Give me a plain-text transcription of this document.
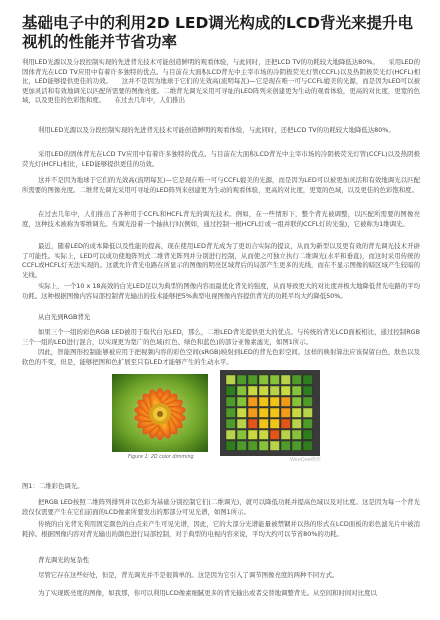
基础电子中的利用2D LED调光构成的LCD背光来提升电视机的性能并节省功率

利用LED光源以及分段控制实现的先进背光技术可能创造鲜明的观看体验，与此同时，还把LCD TV的功耗较大地降低达80%。　　采用LED的固体背光在LCD TV应用中有着许多独特的优点。与目前在大面积LCD背光中主宰市场的冷阴极荧光灯管(CCFL)以及热阴极荧光灯(HCFL)相比，LED能够提供更佳的功效。　　这并不是因为地球于它们的光效高(流明每瓦)—它是现在唯一可与CCFL媲美的光源，而是因为LED可以被更加灵活和有效地调光以匹配所需要的图像亮度。二维背光调光采用可寻址的LED阵列来创建更为生动的观看体验，更高的对比度，更宽的色域，以及更佳的色彩饱和度。　　在过去几年中，人们推出

利用LED光源以及分段控制实现的先进背光技术可能创造鲜明的观看体验，与此同时，还把LCD TV的功耗较大地降低达80%。

采用LED的固体背光在LCD TV应用中有着许多独特的优点。与目前在大面积LCD背光中主宰市场的冷阴极荧光灯管(CCFL)以及热阴极荧光灯(HCFL)相比，LED能够提供更佳的功效。

这并不是因为地球于它们的光效高(流明每瓦)—它是现在唯一可与CCFL媲美的光源，而是因为LED可以被更加灵活和有效地调光以匹配所需要的图像亮度。二维背光调光采用可寻址的LED阵列来创建更为生动的观看体验，更高的对比度，更宽的色域，以及更佳的色彩饱和度。

在过去几年中，人们推出了各种用于CCFL和HCFL背光的调光技术。例如，在一些情形下，整个背光被调整，以匹配所需要的图像亮度，这种技术被称为零维调光。当调光沿着一个轴执行时(例如，通过控制一根HCFL灯或一组并联的CCFL灯的光强)，它被称为1维调光。

最近，随着LED的成本降低以及性能的提高，现在使用LED背光成为了更切合实际的提议，从而为新型以及更有效的背光调光技术开辟了可能性。实际上，LED可以成功使地阵列式二维背光阵列并分别进行控制，从而使之可独立执行二维调光(水平和垂直)，而这时采用传统的CCFL或HCFL灯无法实现的。这就允许背光电路在所显示的图像的明亮区域背后的局部产生更多的光线，而在不显示图像的暗区域产生较暗的光线。

实际上，一个10 x 18高效的白光LED足以为典型的图像内容而最优化背光的强度，从而导致更大的对比度并极大地降低背光电路的平均功耗。这种根据图像内容局部控制背光输出的技术能够把5%典型电视图像内容提供背光的功耗平均大约降低50%。

从白光到RGB背光

如果三个一组的彩色RGB LED被用于取代白光LED，那么，二维LED背光提供更大的优点。与传统的背光LCD面板相比，通过控制RGB三个一组的LED进行混合，以实现更为宽广的色域(红色、绿色和蓝色)的部分亚像素滤光，如图1所示。

因此，智能图形控制能够被应用于把视频内容的彩色空间(sRGB)映射到LED的背光色彩空间。这样的映射算法应该保留白色，肤色以及软色的不变，但是，能够把图和色扩展至只有LED才能够产生的生动水平。

Figure 1: 2D color dimming	WeeQee维库

图1：二维彩色调光。

把RGB LED按照二维阵列排列并以色彩为基础分别控制它们(二维调光)，就可以降低功耗并提高色域以及对比度。这是因为每一个背光段仅仅需要产生在它们前面的LCD像素所要发出的那部分可见光谱，如图1所示。

传统的白光背光利用固定颜色的白点来产生可见光谱，因此，它的大部分光谱能量被禁锢并以热的形式在LCD面板的彩色滤光片中被消耗掉。根据图像内容对背光输出的颜色进行局部控制，对于典型的电视内容来说，平均大约可以节省80%的功耗。

背光调光的复杂性

尽管它存在这些好处，但是，背光调光并不是很简单的。这是因为它引入了调节图像亮度的两种不同方式。

为了实现既亮度的图像，如我那，你可以利用LCD像素细腻更多的背光输出或者交替地调整背光。从空间和时间对比度以
